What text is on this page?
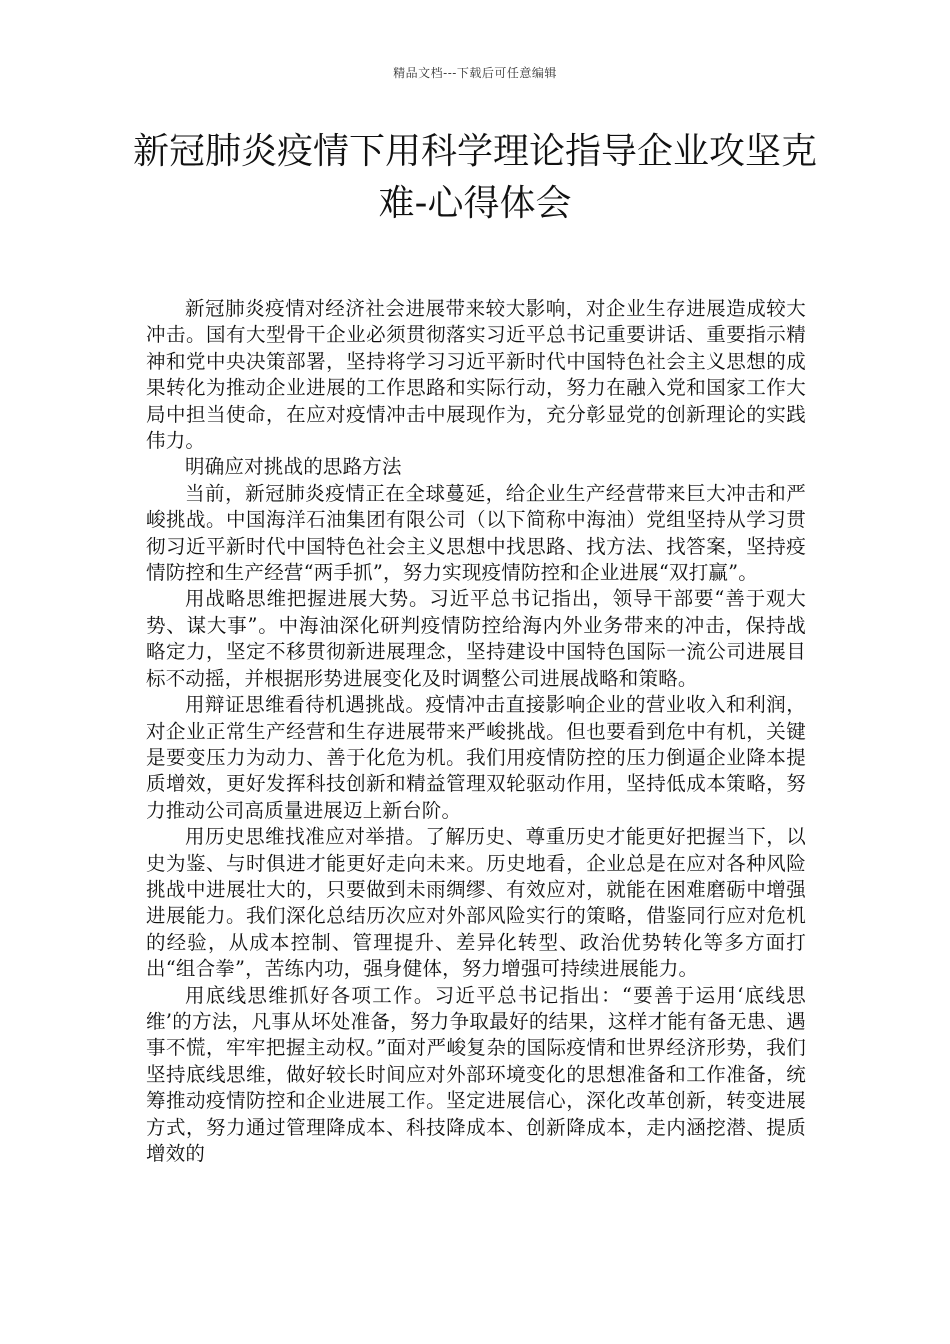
精品文档---下载后可任意编辑
新冠肺炎疫情下用科学理论指导企业攻坚克难-心得体会

新冠肺炎疫情对经济社会进展带来较大影响，对企业生存进展造成较大冲击。国有大型骨干企业必须贯彻落实习近平总书记重要讲话、重要指示精神和党中央决策部署，坚持将学习习近平新时代中国特色社会主义思想的成果转化为推动企业进展的工作思路和实际行动，努力在融入党和国家工作大局中担当使命，在应对疫情冲击中展现作为，充分彰显党的创新理论的实践伟力。

明确应对挑战的思路方法

当前，新冠肺炎疫情正在全球蔓延，给企业生产经营带来巨大冲击和严峻挑战。中国海洋石油集团有限公司（以下简称中海油）党组坚持从学习贯彻习近平新时代中国特色社会主义思想中找思路、找方法、找答案，坚持疫情防控和生产经营“两手抓”，努力实现疫情防控和企业进展“双打赢”。

用战略思维把握进展大势。习近平总书记指出，领导干部要“善于观大势、谋大事”。中海油深化研判疫情防控给海内外业务带来的冲击，保持战略定力，坚定不移贯彻新进展理念，坚持建设中国特色国际一流公司进展目标不动摇，并根据形势进展变化及时调整公司进展战略和策略。

用辩证思维看待机遇挑战。疫情冲击直接影响企业的营业收入和利润，对企业正常生产经营和生存进展带来严峻挑战。但也要看到危中有机，关键是要变压力为动力、善于化危为机。我们用疫情防控的压力倒逼企业降本提质增效，更好发挥科技创新和精益管理双轮驱动作用，坚持低成本策略，努力推动公司高质量进展迈上新台阶。

用历史思维找准应对举措。了解历史、尊重历史才能更好把握当下，以史为鉴、与时俱进才能更好走向未来。历史地看，企业总是在应对各种风险挑战中进展壮大的，只要做到未雨绸缪、有效应对，就能在困难磨砺中增强进展能力。我们深化总结历次应对外部风险实行的策略，借鉴同行应对危机的经验，从成本控制、管理提升、差异化转型、政治优势转化等多方面打出“组合拳”，苦练内功，强身健体，努力增强可持续进展能力。

用底线思维抓好各项工作。习近平总书记指出：“要善于运用‘底线思维’的方法，凡事从坏处准备，努力争取最好的结果，这样才能有备无患、遇事不慌，牢牢把握主动权。”面对严峻复杂的国际疫情和世界经济形势，我们坚持底线思维，做好较长时间应对外部环境变化的思想准备和工作准备，统筹推动疫情防控和企业进展工作。坚定进展信心，深化改革创新，转变进展方式，努力通过管理降成本、科技降成本、创新降成本，走内涵挖潜、提质增效的
